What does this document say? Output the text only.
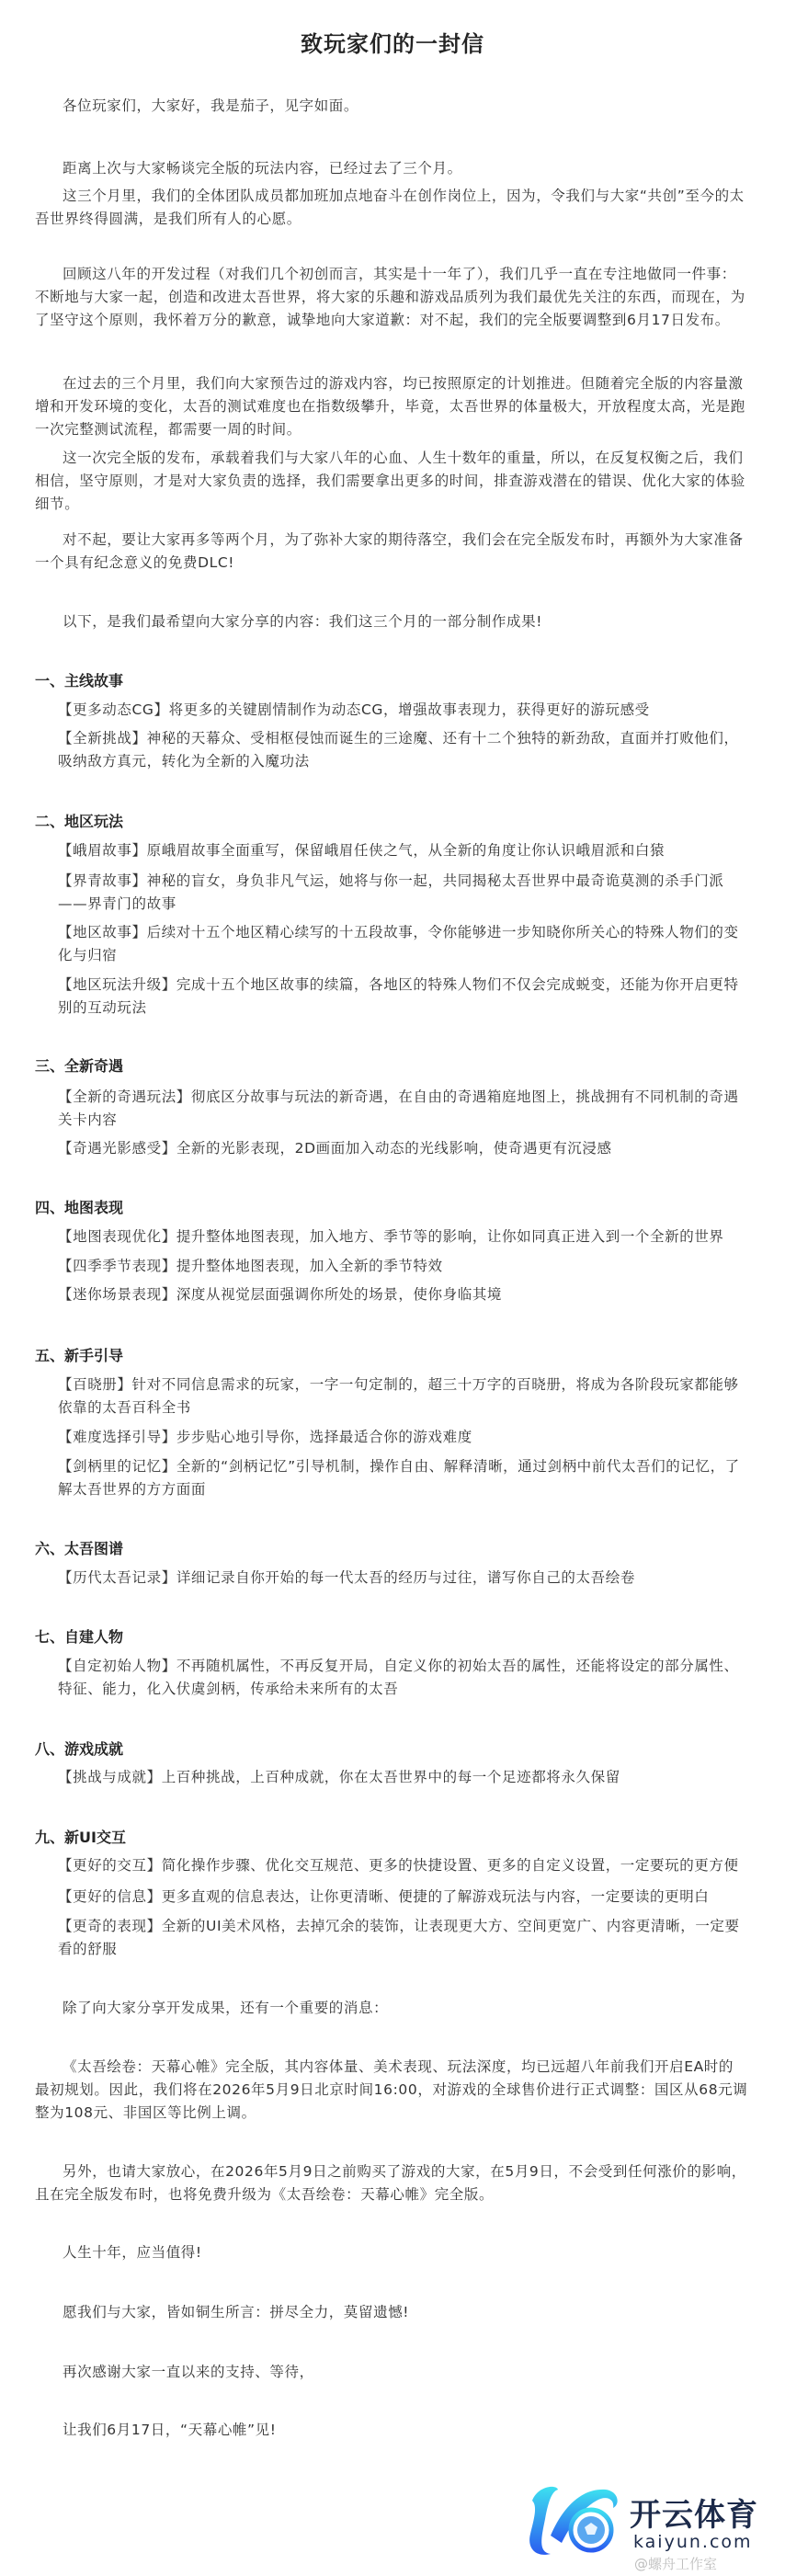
致玩家们的一封信

各位玩家们，大家好，我是茄子，见字如面。

距离上次与大家畅谈完全版的玩法内容，已经过去了三个月。

这三个月里，我们的全体团队成员都加班加点地奋斗在创作岗位上，因为，令我们与大家“共创”至今的太吾世界终得圆满，是我们所有人的心愿。

回顾这八年的开发过程（对我们几个初创而言，其实是十一年了），我们几乎一直在专注地做同一件事：不断地与大家一起，创造和改进太吾世界，将大家的乐趣和游戏品质列为我们最优先关注的东西，而现在，为了坚守这个原则，我怀着万分的歉意，诚挚地向大家道歉：对不起，我们的完全版要调整到6月17日发布。

在过去的三个月里，我们向大家预告过的游戏内容，均已按照原定的计划推进。但随着完全版的内容量激增和开发环境的变化，太吾的测试难度也在指数级攀升，毕竟，太吾世界的体量极大，开放程度太高，光是跑一次完整测试流程，都需要一周的时间。

这一次完全版的发布，承载着我们与大家八年的心血、人生十数年的重量，所以，在反复权衡之后，我们相信，坚守原则，才是对大家负责的选择，我们需要拿出更多的时间，排查游戏潜在的错误、优化大家的体验细节。

对不起，要让大家再多等两个月，为了弥补大家的期待落空，我们会在完全版发布时，再额外为大家准备一个具有纪念意义的免费DLC!

以下，是我们最希望向大家分享的内容：我们这三个月的一部分制作成果!

一、主线故事

【更多动态CG】将更多的关键剧情制作为动态CG，增强故事表现力，获得更好的游玩感受

【全新挑战】神秘的天幕众、受相枢侵蚀而诞生的三途魔、还有十二个独特的新劲敌，直面并打败他们，吸纳敌方真元，转化为全新的入魔功法

二、地区玩法

【峨眉故事】原峨眉故事全面重写，保留峨眉任侠之气，从全新的角度让你认识峨眉派和白猿

【界青故事】神秘的盲女，身负非凡气运，她将与你一起，共同揭秘太吾世界中最奇诡莫测的杀手门派——界青门的故事

【地区故事】后续对十五个地区精心续写的十五段故事，令你能够进一步知晓你所关心的特殊人物们的变化与归宿

【地区玩法升级】完成十五个地区故事的续篇，各地区的特殊人物们不仅会完成蜕变，还能为你开启更特别的互动玩法

三、全新奇遇

【全新的奇遇玩法】彻底区分故事与玩法的新奇遇，在自由的奇遇箱庭地图上，挑战拥有不同机制的奇遇关卡内容

【奇遇光影感受】全新的光影表现，2D画面加入动态的光线影响，使奇遇更有沉浸感

四、地图表现

【地图表现优化】提升整体地图表现，加入地方、季节等的影响，让你如同真正进入到一个全新的世界

【四季季节表现】提升整体地图表现，加入全新的季节特效

【迷你场景表现】深度从视觉层面强调你所处的场景，使你身临其境

五、新手引导

【百晓册】针对不同信息需求的玩家，一字一句定制的，超三十万字的百晓册，将成为各阶段玩家都能够依靠的太吾百科全书

【难度选择引导】步步贴心地引导你，选择最适合你的游戏难度

【剑柄里的记忆】全新的“剑柄记忆”引导机制，操作自由、解释清晰，通过剑柄中前代太吾们的记忆，了解太吾世界的方方面面

六、太吾图谱

【历代太吾记录】详细记录自你开始的每一代太吾的经历与过往，谱写你自己的太吾绘卷

七、自建人物

【自定初始人物】不再随机属性，不再反复开局，自定义你的初始太吾的属性，还能将设定的部分属性、特征、能力，化入伏虞剑柄，传承给未来所有的太吾

八、游戏成就

【挑战与成就】上百种挑战，上百种成就，你在太吾世界中的每一个足迹都将永久保留

九、新UI交互

【更好的交互】简化操作步骤、优化交互规范、更多的快捷设置、更多的自定义设置，一定要玩的更方便

【更好的信息】更多直观的信息表达，让你更清晰、便捷的了解游戏玩法与内容，一定要读的更明白

【更奇的表现】全新的UI美术风格，去掉冗余的装饰，让表现更大方、空间更宽广、内容更清晰，一定要看的舒服

除了向大家分享开发成果，还有一个重要的消息：

《太吾绘卷：天幕心帷》完全版，其内容体量、美术表现、玩法深度，均已远超八年前我们开启EA时的最初规划。因此，我们将在2026年5月9日北京时间16:00，对游戏的全球售价进行正式调整：国区从68元调整为108元、非国区等比例上调。

另外，也请大家放心，在2026年5月9日之前购买了游戏的大家，在5月9日，不会受到任何涨价的影响，且在完全版发布时，也将免费升级为《太吾绘卷：天幕心帷》完全版。

人生十年，应当值得!

愿我们与大家，皆如铜生所言：拼尽全力，莫留遗憾!

再次感谢大家一直以来的支持、等待，

让我们6月17日，“天幕心帷”见!

开云体育
kaiyun.com
@螺舟工作室
